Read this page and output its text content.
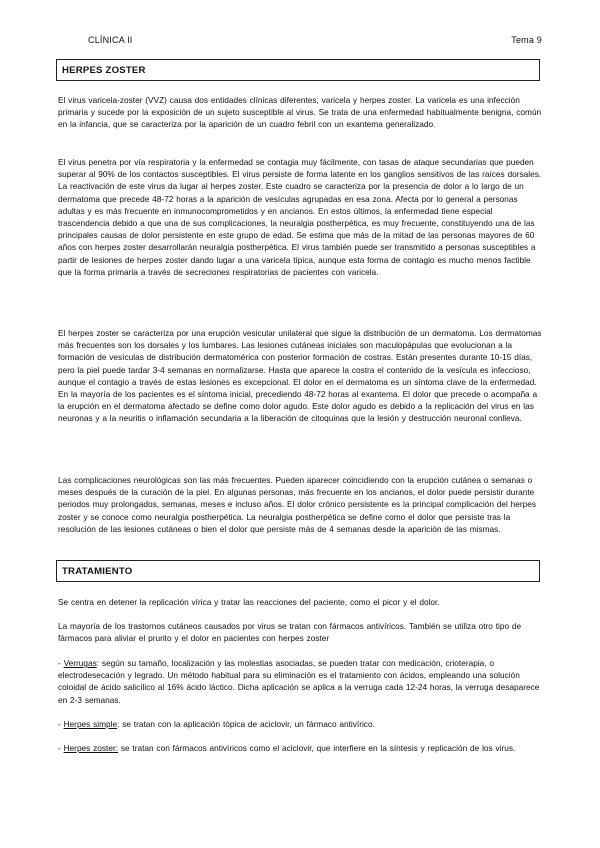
CLÍNICA II	Tema 9
HERPES ZOSTER

El virus varicela-zoster (VVZ) causa dos entidades clínicas diferentes, varicela y herpes zoster. La varicela es una infección primaria y sucede por la exposición de un sujeto susceptible al virus. Se trata de una enfermedad habitualmente benigna, común en la infancia, que se caracteriza por la aparición de un cuadro febril con un exantema generalizado.

El virus penetra por vía respiratoria y la enfermedad se contagia muy fácilmente, con tasas de ataque secundarias que pueden superar al 90% de los contactos susceptibles. El virus persiste de forma latente en los ganglios sensitivos de las raíces dorsales. La reactivación de este virus da lugar al herpes zoster. Este cuadro se caracteriza por la presencia de dolor a lo largo de un dermatoma que precede 48-72 horas a la aparición de vesículas agrupadas en esa zona. Afecta por lo general a personas adultas y es más frecuente en inmunocomprometidos y en ancianos. En estos últimos, la enfermedad tiene especial trascendencia debido a que una de sus complicaciones, la neuralgia postherpética, es muy frecuente, constituyendo una de las principales causas de dolor persistente en este grupo de edad. Se estima que más de la mitad de las personas mayores de 60 años con herpes zoster desarrollarán neuralgia postherpética. El virus también puede ser transmitido a personas susceptibles a partir de lesiones de herpes zoster dando lugar a una varicela típica, aunque esta forma de contagio es mucho menos factible que la forma primaria a través de secreciones respiratorias de pacientes con varicela.

El herpes zoster se caracteriza por una erupción vesicular unilateral que sigue la distribución de un dermatoma. Los dermatomas más frecuentes son los dorsales y los lumbares. Las lesiones cutáneas iniciales son maculopápulas que evolucionan a la formación de vesículas de distribución dermatomérica con posterior formación de costras. Están presentes durante 10-15 días, pero la piel puede tardar 3-4 semanas en normalizarse. Hasta que aparece la costra el contenido de la vesícula es infeccioso, aunque el contagio a través de estas lesiones es excepcional. El dolor en el dermatoma es un síntoma clave de la enfermedad. En la mayoría de los pacientes es el síntoma inicial, precediendo 48-72 horas al exantema. El dolor que precede o acompaña a la erupción en el dermatoma afectado se define como dolor agudo. Este dolor agudo es debido a la replicación del virus en las neuronas y a la neuritis o inflamación secundaria a la liberación de citoquinas que la lesión y destrucción neuronal conlleva.

Las complicaciones neurológicas son las más frecuentes. Pueden aparecer coincidiendo con la erupción cutánea o semanas o meses después de la curación de la piel. En algunas personas, más frecuente en los ancianos, el dolor puede persistir durante periodos muy prolongados, semanas, meses e incluso años. El dolor crónico persistente es la principal complicación del herpes zoster y se conoce como neuralgia postherpética. La neuralgia postherpética se define como el dolor que persiste tras la resolución de las lesiones cutáneas o bien el dolor que persiste más de 4 semanas desde la aparición de las mismas.

TRATAMIENTO

Se centra en detener la replicación vírica y tratar las reacciones del paciente, como el picor y el dolor.

La mayoría de los trastornos cutáneos causados por virus se tratan con fármacos antivíricos. También se utiliza otro tipo de fármacos para aliviar el prurito y el dolor en pacientes con herpes zoster

- Verrugas: según su tamaño, localización y las molestias asociadas, se pueden tratar con medicación, crioterapia, o electrodesecación y legrado. Un método habitual para su eliminación es el tratamiento con ácidos, empleando una solución coloidal de ácido salicílico al 16% ácido láctico. Dicha aplicación se aplica a la verruga cada 12-24 horas, la verruga desaparece en 2-3 semanas.

- Herpes simple: se tratan con la aplicación tópica de aciclovir, un fármaco antivírico.

- Herpes zoster: se tratan con fármacos antivíricos como el aciclovir, que interfiere en la síntesis y replicación de los virus.
